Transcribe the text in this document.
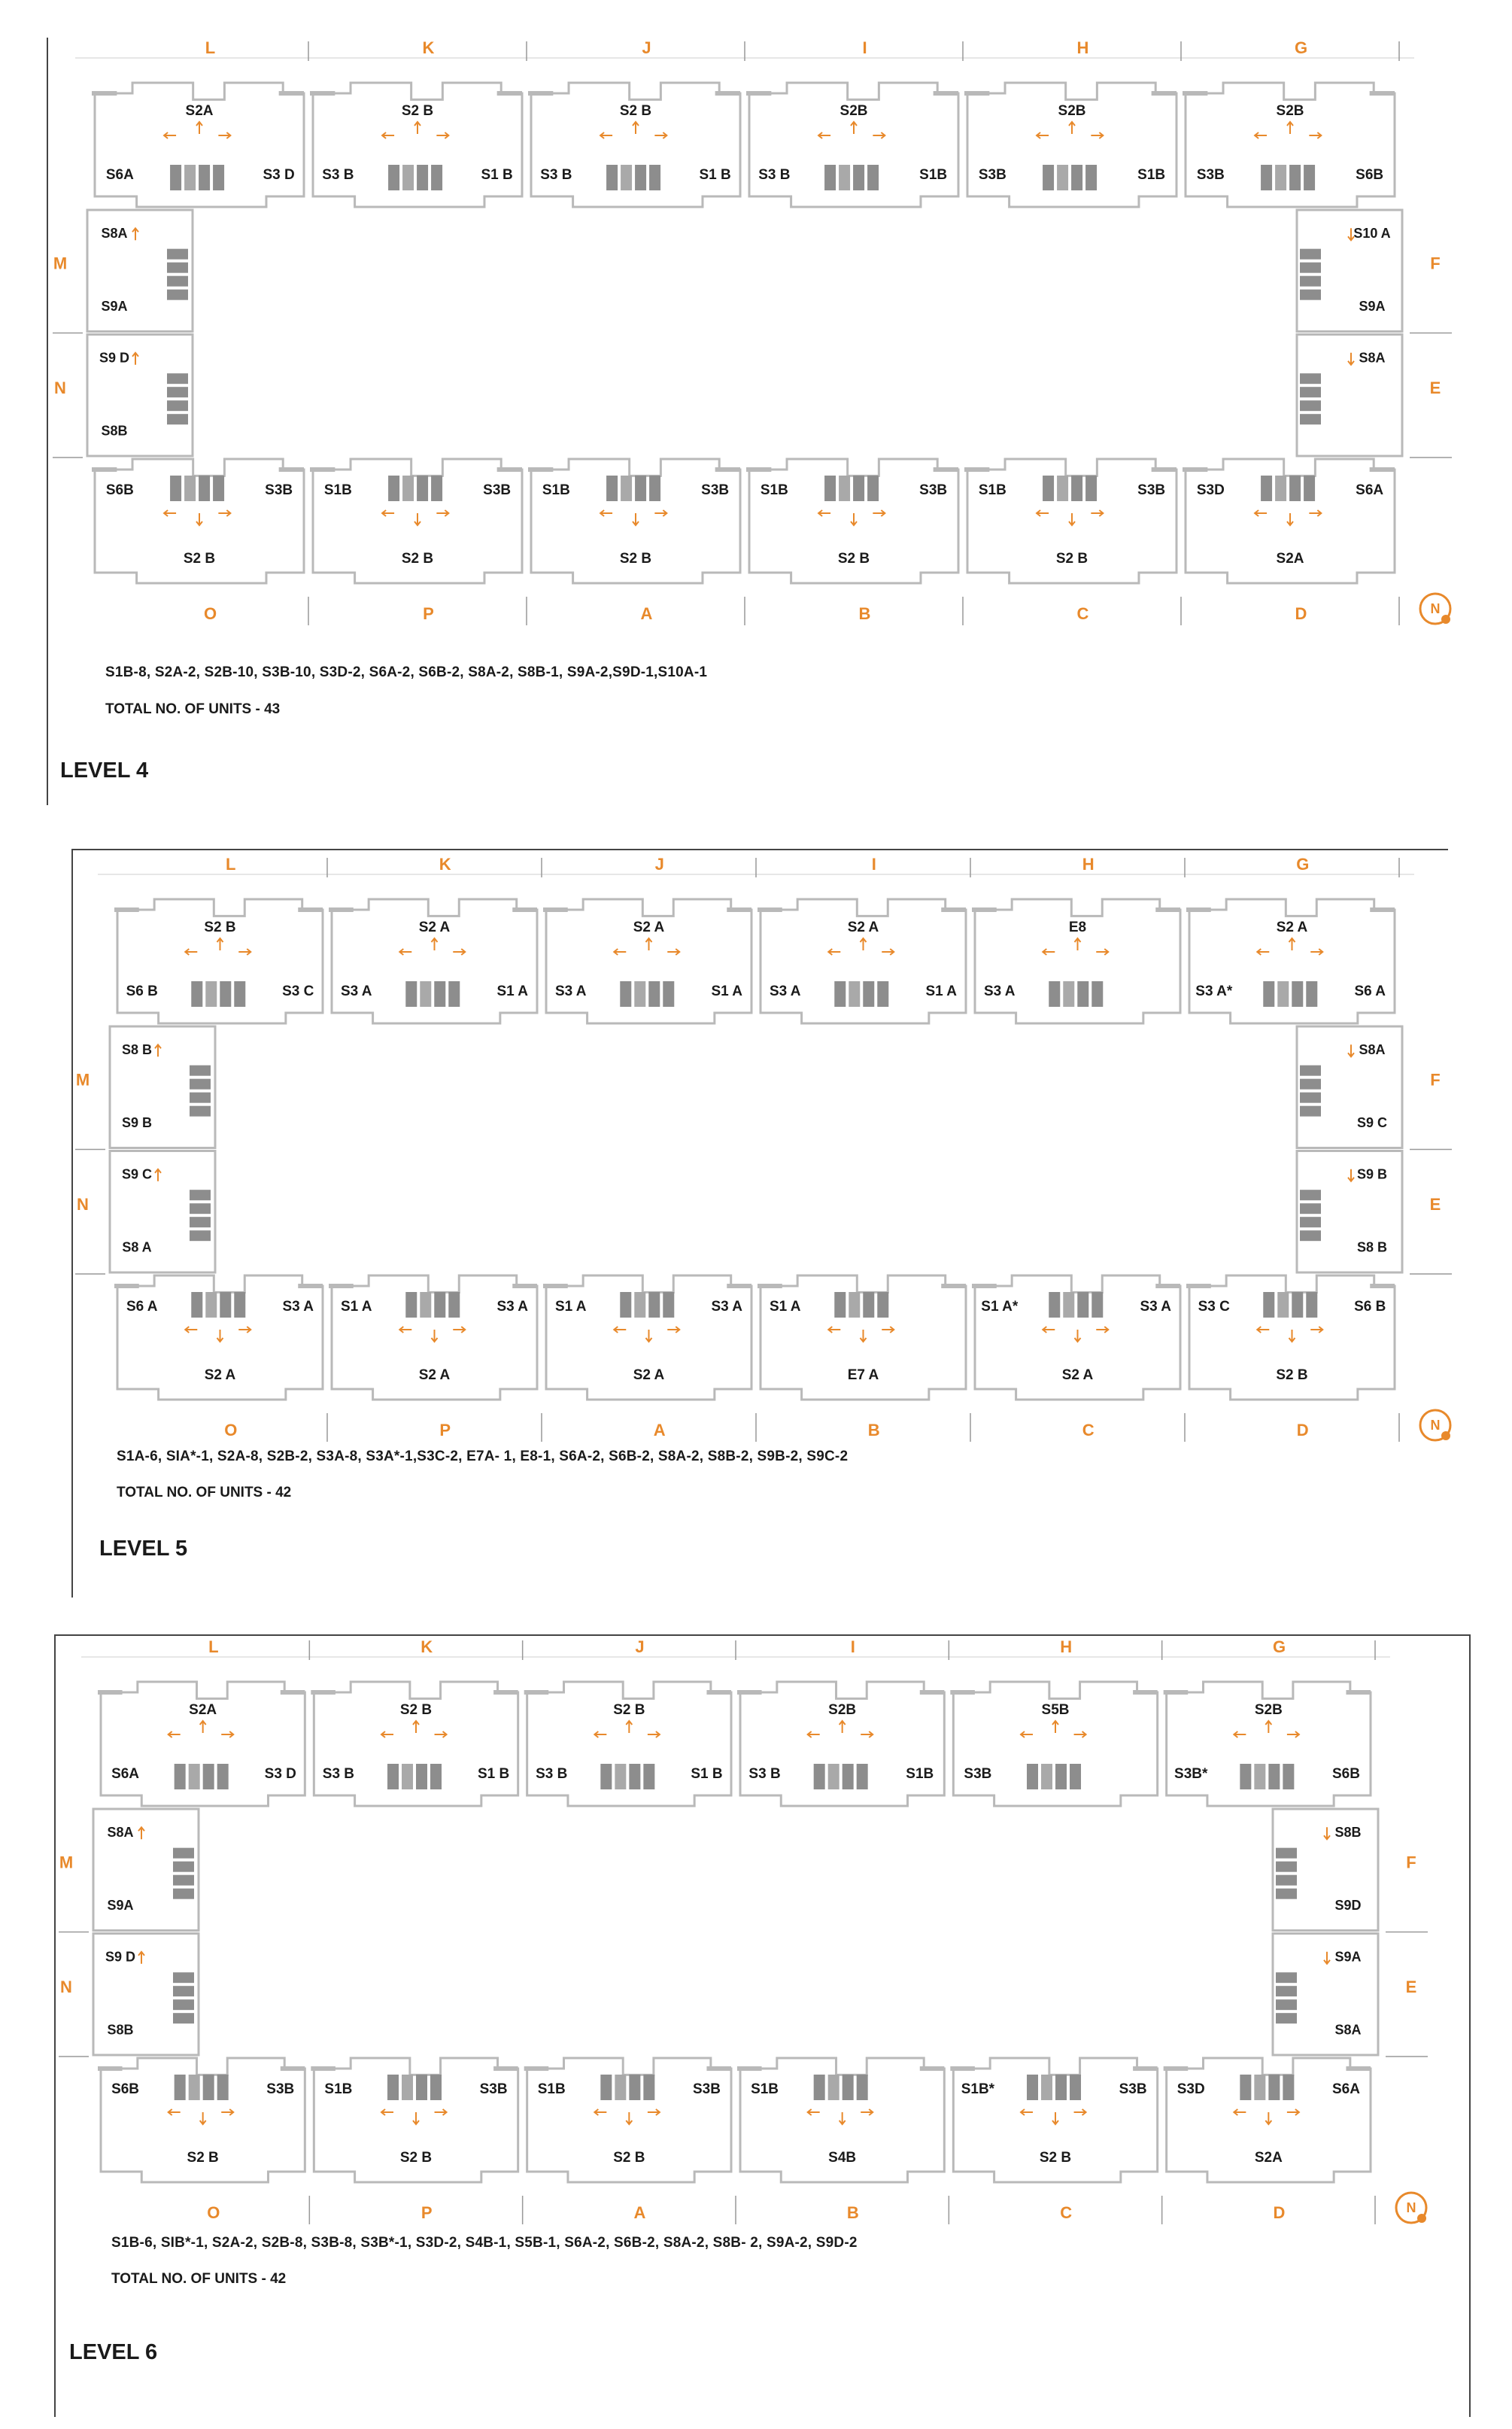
L
S2A
S6A	S3 D
K
S2 B
S3 B	S1 B
J
S2 B
S3 B	S1 B
I
S2B
S3 B	S1B
H
S2B
S3B	S1B
G
S2B
S3B	S6B
S6B	S3B
S2 B
O
S1B	S3B
S2 B
P
S1B	S3B
S2 B
A
S1B	S3B
S2 B
B
S1B	S3B
S2 B
C
S3D	S6A
S2A
D
S8A
S9A
M
S9 D
S8B
N
S10 A
S9A
F
S8A
E
N
S1B-8, S2A-2, S2B-10, S3B-10, S3D-2, S6A-2, S6B-2, S8A-2, S8B-1, S9A-2,S9D-1,S10A-1
TOTAL NO. OF UNITS - 43
LEVEL 4
L
S2 B
S6 B	S3 C
K
S2 A
S3 A	S1 A
J
S2 A
S3 A	S1 A
I
S2 A
S3 A	S1 A
H
E8
S3 A
G
S2 A
S3 A*	S6 A
S6 A	S3 A
S2 A
O
S1 A	S3 A
S2 A
P
S1 A	S3 A
S2 A
A
S1 A
E7 A
B
S1 A*	S3 A
S2 A
C
S3 C	S6 B
S2 B
D
S8 B
S9 B
M
S9 C
S8 A
N
S8A
S9 C
F
S9 B
S8 B
E
N
S1A-6, SIA*-1, S2A-8, S2B-2, S3A-8, S3A*-1,S3C-2, E7A- 1, E8-1, S6A-2, S6B-2, S8A-2, S8B-2, S9B-2, S9C-2
TOTAL NO. OF UNITS - 42
LEVEL 5
L
S2A
S6A	S3 D
K
S2 B
S3 B	S1 B
J
S2 B
S3 B	S1 B
I
S2B
S3 B	S1B
H
S5B
S3B
G
S2B
S3B*	S6B
S6B	S3B
S2 B
O
S1B	S3B
S2 B
P
S1B	S3B
S2 B
A
S1B
S4B
B
S1B*	S3B
S2 B
C
S3D	S6A
S2A
D
S8A
S9A
M
S9 D
S8B
N
S8B
S9D
F
S9A
S8A
E
N
S1B-6, SIB*-1, S2A-2, S2B-8, S3B-8, S3B*-1, S3D-2, S4B-1, S5B-1, S6A-2, S6B-2, S8A-2, S8B- 2, S9A-2, S9D-2
TOTAL NO. OF UNITS - 42
LEVEL 6
